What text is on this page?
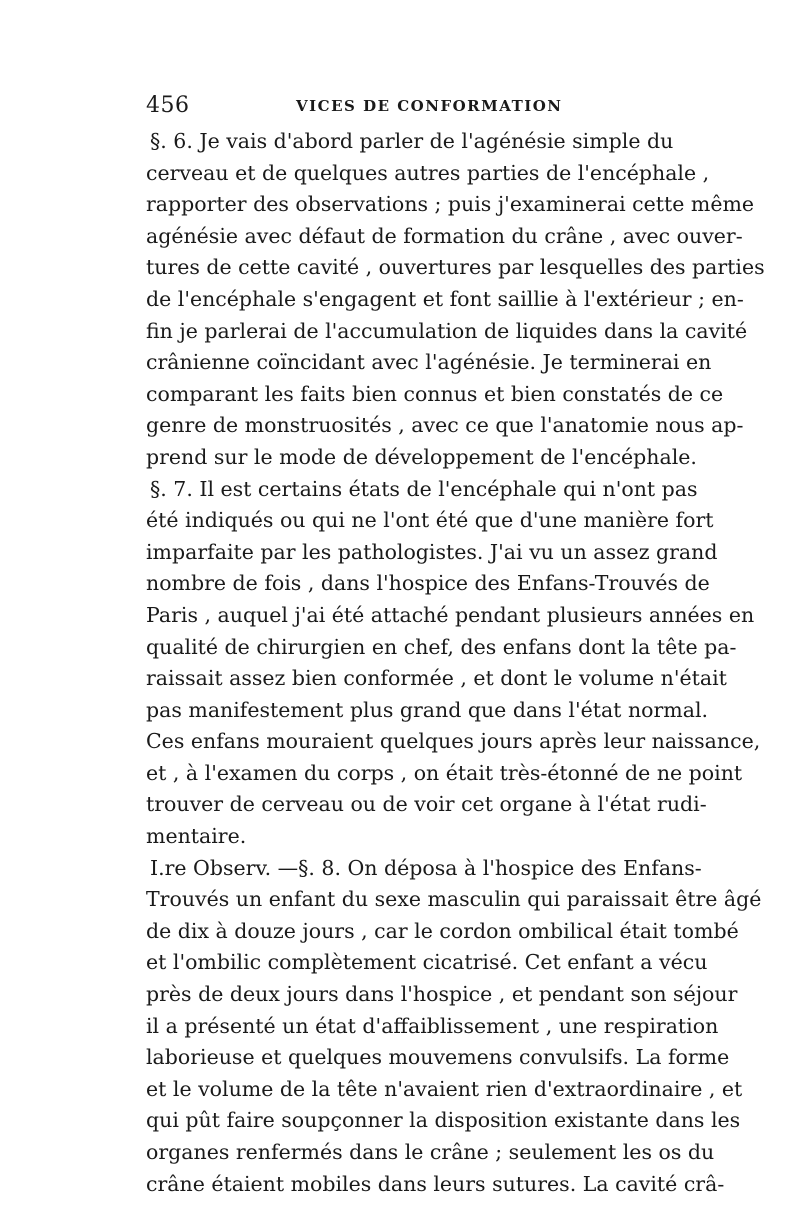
456	VICES DE CONFORMATION
§. 6. Je vais d'abord parler de l'agénésie simple du
cerveau et de quelques autres parties de l'encéphale ,
rapporter des observations ; puis j'examinerai cette même
agénésie avec défaut de formation du crâne , avec ouver-
tures de cette cavité , ouvertures par lesquelles des parties
de l'encéphale s'engagent et font saillie à l'extérieur ; en-
fin je parlerai de l'accumulation de liquides dans la cavité
crânienne coïncidant avec l'agénésie. Je terminerai en
comparant les faits bien connus et bien constatés de ce
genre de monstruosités , avec ce que l'anatomie nous ap-
prend sur le mode de développement de l'encéphale.
§. 7. Il est certains états de l'encéphale qui n'ont pas
été indiqués ou qui ne l'ont été que d'une manière fort
imparfaite par les pathologistes. J'ai vu un assez grand
nombre de fois , dans l'hospice des Enfans-Trouvés de
Paris , auquel j'ai été attaché pendant plusieurs années en
qualité de chirurgien en chef, des enfans dont la tête pa-
raissait assez bien conformée , et dont le volume n'était
pas manifestement plus grand que dans l'état normal.
Ces enfans mouraient quelques jours après leur naissance,
et , à l'examen du corps , on était très-étonné de ne point
trouver de cerveau ou de voir cet organe à l'état rudi-
mentaire.
I.re Observ. —§. 8. On déposa à l'hospice des Enfans-
Trouvés un enfant du sexe masculin qui paraissait être âgé
de dix à douze jours , car le cordon ombilical était tombé
et l'ombilic complètement cicatrisé. Cet enfant a vécu
près de deux jours dans l'hospice , et pendant son séjour
il a présenté un état d'affaiblissement , une respiration
laborieuse et quelques mouvemens convulsifs. La forme
et le volume de la tête n'avaient rien d'extraordinaire , et
qui pût faire soupçonner la disposition existante dans les
organes renfermés dans le crâne ; seulement les os du
crâne étaient mobiles dans leurs sutures. La cavité crâ-
